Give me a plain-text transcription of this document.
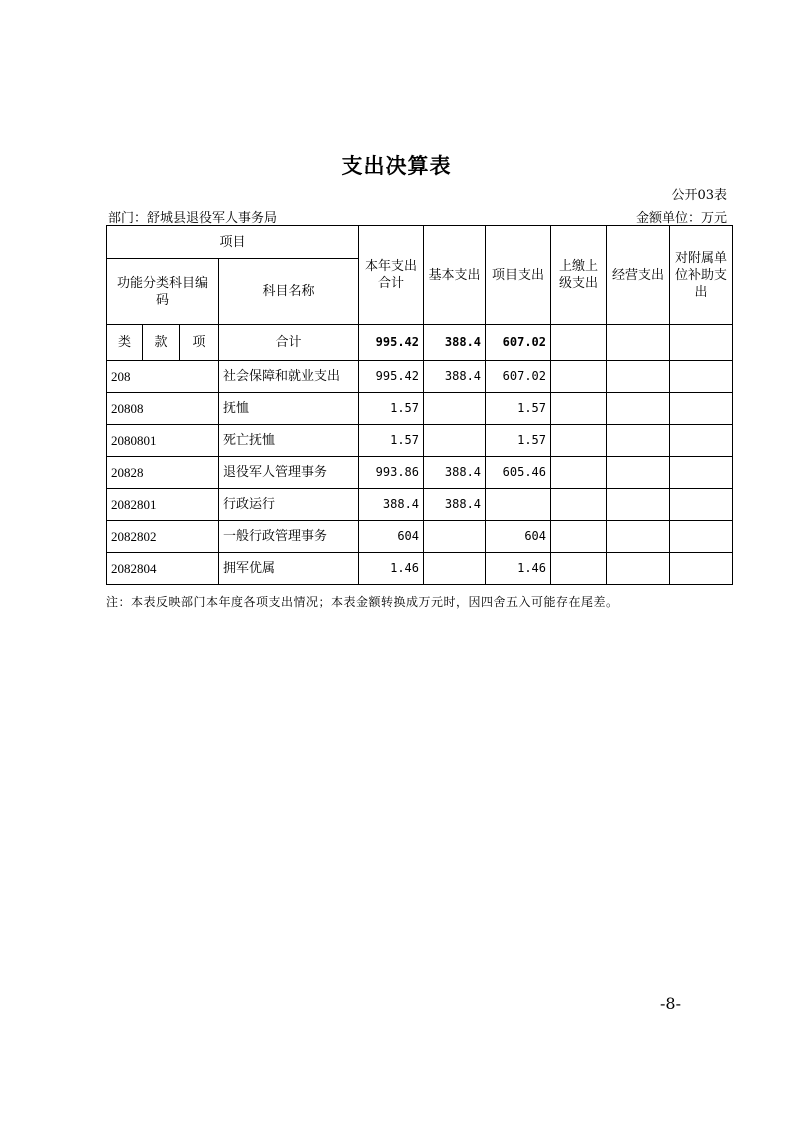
支出决算表
公开03表
部门：舒城县退役军人事务局	金额单位：万元
项目				本年支出合计	基本支出	项目支出	上缴上级支出	经营支出	对附属单位补助支出
功能分类科目编码			科目名称						

类	款	项	合计	995.42	388.4	607.02			
208			社会保障和就业支出	995.42	388.4	607.02			
20808			抚恤	1.57		1.57			
2080801			死亡抚恤	1.57		1.57			
20828			退役军人管理事务	993.86	388.4	605.46			
2082801			行政运行	388.4	388.4				
2082802			一般行政管理事务	604		604			
2082804			拥军优属	1.46		1.46			
注：本表反映部门本年度各项支出情况；本表金额转换成万元时，因四舍五入可能存在尾差。
-8-
